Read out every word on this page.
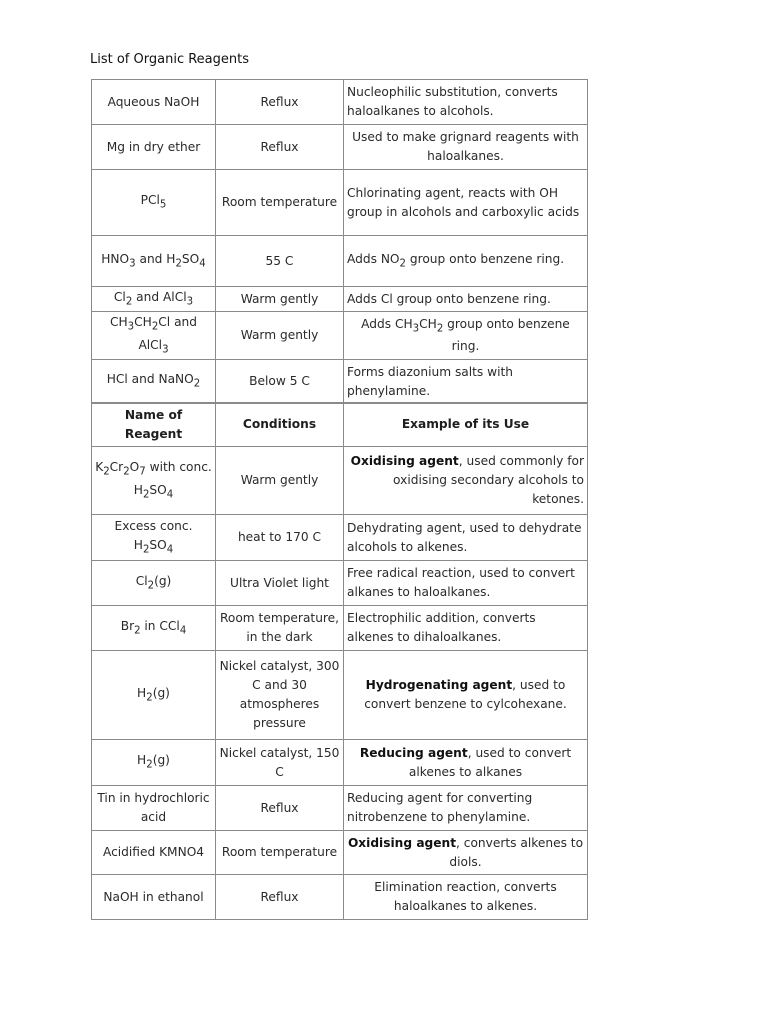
List of Organic Reagents
Aqueous NaOH	Reflux	Nucleophilic substitution, converts haloalkanes to alcohols.
Mg in dry ether	Reflux	Used to make grignard reagents with haloalkanes.
PCl$_5$	Room temperature	Chlorinating agent, reacts with OH group in alcohols and carboxylic acids
$HNO_3$ and $H_2SO_4$	55 C	Adds $NO_2$ group onto benzene ring.
$Cl_2$ and AlCl$_3$	Warm gently	Adds Cl group onto benzene ring.
$CH_3CH_2Cl$ and AlCl$_3$	Warm gently	Adds $CH_3CH_2$ group onto benzene ring.
HCl and NaNO$_2$	Below 5 C	Forms diazonium salts with phenylamine.
Name of Reagent	Conditions	Example of its Use
$K_2Cr_2O_7$ with conc. $H_2SO_4$	Warm gently	Oxidising agent, used commonly for oxidising secondary alcohols to ketones.
Excess conc. $H_2SO_4$	heat to 170 C	Dehydrating agent, used to dehydrate alcohols to alkenes.
$Cl_2(g)$	Ultra Violet light	Free radical reaction, used to convert alkanes to haloalkanes.
$Br_2$ in CCl$_4$	Room temperature, in the dark	Electrophilic addition, converts alkenes to dihaloalkanes.
$H_2(g)$	Nickel catalyst, 300 C and 30 atmospheres pressure	Hydrogenating agent, used to convert benzene to cylcohexane.
$H_2(g)$	Nickel catalyst, 150 C	Reducing agent, used to convert alkenes to alkanes
Tin in hydrochloric acid	Reflux	Reducing agent for converting nitrobenzene to phenylamine.
Acidified KMNO4	Room temperature	Oxidising agent, converts alkenes to diols.
NaOH in ethanol	Reflux	Elimination reaction, converts haloalkanes to alkenes.
